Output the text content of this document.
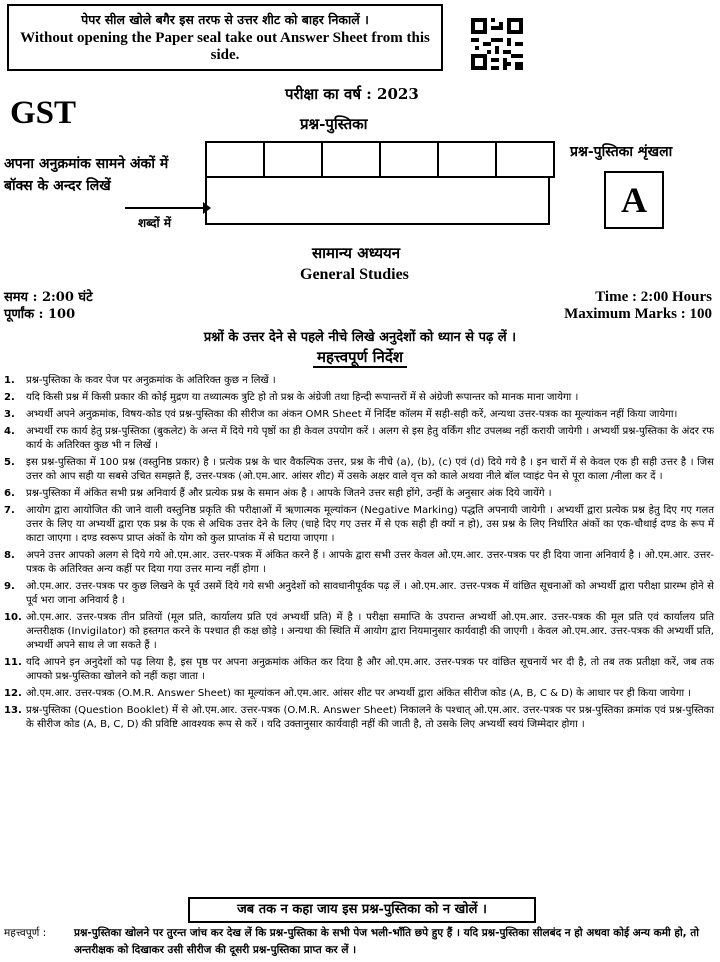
पेपर सील खोले बगैर इस तरफ से उत्तर शीट को बाहर निकालें ।
Without opening the Paper seal take out Answer Sheet from this side.
GST
परीक्षा का वर्ष : 2023
प्रश्न-पुस्तिका
प्रश्न-पुस्तिका शृंखला
A
अपना अनुक्रमांक सामने अंकों में
बॉक्स के अन्दर लिखें

शब्दों में
सामान्य अध्ययन
General Studies
समय : 2:00 घंटे
पूर्णांक : 100
Time : 2:00 Hours
Maximum Marks : 100
प्रश्नों के उत्तर देने से पहले नीचे लिखे अनुदेशों को ध्यान से पढ़ लें ।
महत्त्वपूर्ण निर्देश
1.	प्रश्न-पुस्तिका के कवर पेज पर अनुक्रमांक के अतिरिक्त कुछ न लिखें ।
2.	यदि किसी प्रश्न में किसी प्रकार की कोई मुद्रण या तथ्यात्मक त्रुटि हो तो प्रश्न के अंग्रेजी तथा हिन्दी रूपान्तरों में से अंग्रेजी रूपान्तर को मानक माना जायेगा ।
3.	अभ्यर्थी अपने अनुक्रमांक, विषय-कोड एवं प्रश्न-पुस्तिका की सीरीज का अंकन OMR Sheet में निर्दिष्ट कॉलम में सही-सही करें, अन्यथा उत्तर-पत्रक का मूल्यांकन नहीं किया जायेगा।
4.	अभ्यर्थी रफ कार्य हेतु प्रश्न-पुस्तिका (बुकलेट) के अन्त में दिये गये पृष्ठों का ही केवल उपयोग करें । अलग से इस हेतु वर्किंग शीट उपलब्ध नहीं करायी जायेगी । अभ्यर्थी प्रश्न-पुस्तिका के अंदर रफ कार्य के अतिरिक्त कुछ भी न लिखें ।
5.	इस प्रश्न-पुस्तिका में 100 प्रश्न (वस्तुनिष्ठ प्रकार) है । प्रत्येक प्रश्न के चार वैकल्पिक उत्तर, प्रश्न के नीचे (a), (b), (c) एवं (d) दिये गये है । इन चारों में से केवल एक ही सही उत्तर है । जिस उत्तर को आप सही या सबसे उचित समझते हैं, उत्तर-पत्रक (ओ.एम.आर. आंसर शीट) में उसके अक्षर वाले वृत्त को काले अथवा नीले बॉल प्वाइंट पेन से पूरा काला /नीला कर दें ।
6.	प्रश्न-पुस्तिका में अंकित सभी प्रश्न अनिवार्य हैं और प्रत्येक प्रश्न के समान अंक है । आपके जितने उत्तर सही होंगे, उन्हीं के अनुसार अंक दिये जायेंगे ।
7.	आयोग द्वारा आयोजित की जाने वाली वस्तुनिष्ठ प्रकृति की परीक्षाओं में ऋणात्मक मूल्यांकन (Negative Marking) पद्धति अपनायी जायेगी । अभ्यर्थी द्वारा प्रत्येक प्रश्न हेतु दिए गए गलत उत्तर के लिए या अभ्यर्थी द्वारा एक प्रश्न के एक से अधिक उत्तर देने के लिए (चाहे दिए गए उत्तर में से एक सही ही क्यों न हो), उस प्रश्न के लिए निर्धारित अंकों का एक-चौथाई दण्ड के रूप में काटा जाएगा । दण्ड स्वरूप प्राप्त अंकों के योग को कुल प्राप्तांक में से घटाया जाएगा ।
8.	अपने उत्तर आपको अलग से दिये गये ओ.एम.आर. उत्तर-पत्रक में अंकित करने हैं । आपके द्वारा सभी उत्तर केवल ओ.एम.आर. उत्तर-पत्रक पर ही दिया जाना अनिवार्य है । ओ.एम.आर. उत्तर-पत्रक के अतिरिक्त अन्य कहीं पर दिया गया उत्तर मान्य नहीं होगा ।
9.	ओ.एम.आर. उत्तर-पत्रक पर कुछ लिखने के पूर्व उसमें दिये गये सभी अनुदेशों को सावधानीपूर्वक पढ़ लें । ओ.एम.आर. उत्तर-पत्रक में वांछित सूचनाओं को अभ्यर्थी द्वारा परीक्षा प्रारम्भ होने से पूर्व भरा जाना अनिवार्य है ।
10. ओ.एम.आर. उत्तर-पत्रक तीन प्रतियों (मूल प्रति, कार्यालय प्रति एवं अभ्यर्थी प्रति) में है । परीक्षा समाप्ति के उपरान्त अभ्यर्थी ओ.एम.आर. उत्तर-पत्रक की मूल प्रति एवं कार्यालय प्रति अन्तरीक्षक (Invigilator) को हस्तगत करने के पश्चात ही कक्ष छोड़े । अन्यथा की स्थिति में आयोग द्वारा नियमानुसार कार्यवाही की जाएगी । केवल ओ.एम.आर. उत्तर-पत्रक की अभ्यर्थी प्रति, अभ्यर्थी अपने साथ ले जा सकते हैं ।
11. यदि आपने इन अनुदेशों को पढ़ लिया है, इस पृष्ठ पर अपना अनुक्रमांक अंकित कर दिया है और ओ.एम.आर. उत्तर-पत्रक पर वांछित सूचनायें भर दी है, तो तब तक प्रतीक्षा करें, जब तक आपको प्रश्न-पुस्तिका खोलने को नहीं कहा जाता ।
12. ओ.एम.आर. उत्तर-पत्रक (O.M.R. Answer Sheet) का मूल्यांकन ओ.एम.आर. आंसर शीट पर अभ्यर्थी द्वारा अंकित सीरीज कोड (A, B, C & D) के आधार पर ही किया जायेगा ।
13. प्रश्न-पुस्तिका (Question Booklet) में से ओ.एम.आर. उत्तर-पत्रक (O.M.R. Answer Sheet) निकालने के पश्चात् ओ.एम.आर. उत्तर-पत्रक पर प्रश्न-पुस्तिका क्रमांक एवं प्रश्न-पुस्तिका के सीरीज कोड (A, B, C, D) की प्रविष्टि आवश्यक रूप से करें । यदि उक्तानुसार कार्यवाही नहीं की जाती है, तो उसके लिए अभ्यर्थी स्वयं जिम्मेदार होगा ।
जब तक न कहा जाय इस प्रश्न-पुस्तिका को न खोलें ।
महत्त्वपूर्ण :	प्रश्न-पुस्तिका खोलने पर तुरन्त जांच कर देख लें कि प्रश्न-पुस्तिका के सभी पेज भली-भाँति छपे हुए हैं । यदि प्रश्न-पुस्तिका सीलबंद न हो अथवा कोई अन्य कमी हो, तो अन्तरीक्षक को दिखाकर उसी सीरीज की दूसरी प्रश्न-पुस्तिका प्राप्त कर लें ।
